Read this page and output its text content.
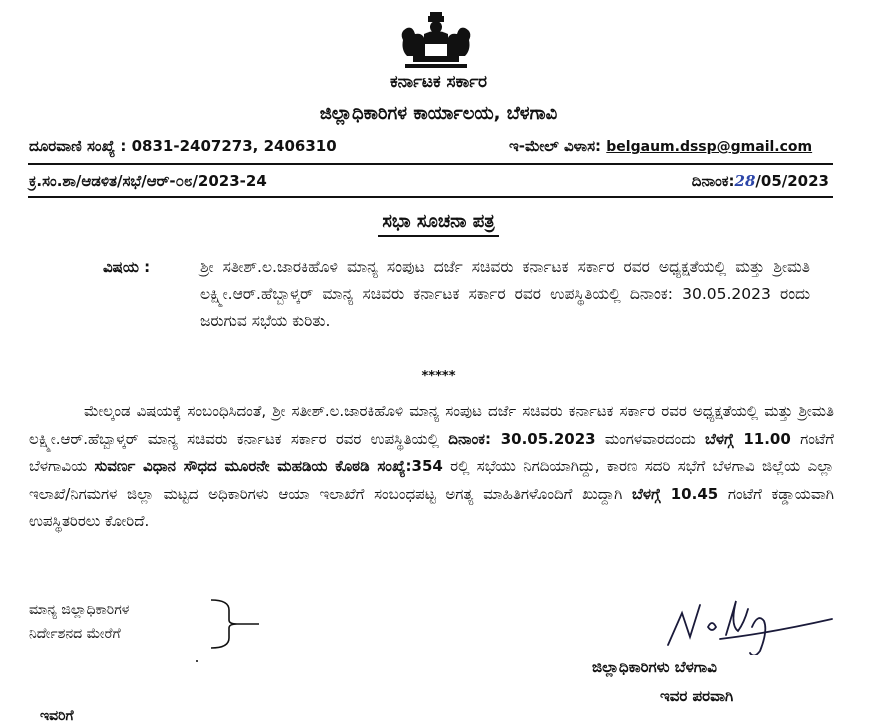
ಕರ್ನಾಟಕ ಸರ್ಕಾರ
ಜಿಲ್ಲಾಧಿಕಾರಿಗಳ ಕಾರ್ಯಾಲಯ, ಬೆಳಗಾವಿ
ದೂರವಾಣಿ ಸಂಖ್ಯೆ : 0831-2407273, 2406310	ಇ-ಮೇಲ್ ವಿಳಾಸ: belgaum.dssp@gmail.com
ಕ್ರ.ಸಂ.ಶಾ/ಆಡಳಿತ/ಸಭೆ/ಆರ್-೦೮/2023-24	ದಿನಾಂಕ:28/05/2023
ಸಭಾ ಸೂಚನಾ ಪತ್ರ
ವಿಷಯ :	ಶ್ರೀ ಸತೀಶ್.ಲ.ಜಾರಕಿಹೊಳಿ ಮಾನ್ಯ ಸಂಪುಟ ದರ್ಜೆ ಸಚಿವರು ಕರ್ನಾಟಕ ಸರ್ಕಾರ ರವರ ಅಧ್ಯಕ್ಷತೆಯಲ್ಲಿ ಮತ್ತು ಶ್ರೀಮತಿ ಲಕ್ಷ್ಮೀ.ಆರ್.ಹೆಬ್ಬಾಳ್ಕರ್ ಮಾನ್ಯ ಸಚಿವರು ಕರ್ನಾಟಕ ಸರ್ಕಾರ ರವರ ಉಪಸ್ಥಿತಿಯಲ್ಲಿ ದಿನಾಂಕ: 30.05.2023 ರಂದು ಜರುಗುವ ಸಭೆಯ ಕುರಿತು.
*****
ಮೇಲ್ಕಂಡ ವಿಷಯಕ್ಕೆ ಸಂಬಂಧಿಸಿದಂತೆ, ಶ್ರೀ ಸತೀಶ್.ಲ.ಜಾರಕಿಹೊಳಿ ಮಾನ್ಯ ಸಂಪುಟ ದರ್ಜೆ ಸಚಿವರು ಕರ್ನಾಟಕ ಸರ್ಕಾರ ರವರ ಅಧ್ಯಕ್ಷತೆಯಲ್ಲಿ ಮತ್ತು ಶ್ರೀಮತಿ ಲಕ್ಷ್ಮೀ.ಆರ್.ಹೆಬ್ಬಾಳ್ಕರ್ ಮಾನ್ಯ ಸಚಿವರು ಕರ್ನಾಟಕ ಸರ್ಕಾರ ರವರ ಉಪಸ್ಥಿತಿಯಲ್ಲಿ ದಿನಾಂಕ: 30.05.2023 ಮಂಗಳವಾರದಂದು ಬೆಳಗ್ಗೆ 11.00 ಗಂಟೆಗೆ ಬೆಳಗಾವಿಯ ಸುವರ್ಣ ವಿಧಾನ ಸೌಧದ ಮೂರನೇ ಮಹಡಿಯ ಕೊಠಡಿ ಸಂಖ್ಯೆ:354 ರಲ್ಲಿ ಸಭೆಯು ನಿಗದಿಯಾಗಿದ್ದು, ಕಾರಣ ಸದರಿ ಸಭೆಗೆ ಬೆಳಗಾವಿ ಜಿಲ್ಲೆಯ ಎಲ್ಲಾ ಇಲಾಖೆ/ನಿಗಮಗಳ ಜಿಲ್ಲಾ ಮಟ್ಟದ ಅಧಿಕಾರಿಗಳು ಆಯಾ ಇಲಾಖೆಗೆ ಸಂಬಂಧಪಟ್ಟ ಅಗತ್ಯ ಮಾಹಿತಿಗಳೊಂದಿಗೆ ಖುದ್ದಾಗಿ ಬೆಳಗ್ಗೆ 10.45 ಗಂಟೆಗೆ ಕಡ್ಡಾಯವಾಗಿ ಉಪಸ್ಥಿತರಿರಲು ಕೋರಿದೆ.
ಮಾನ್ಯ ಜಿಲ್ಲಾಧಿಕಾರಿಗಳ
ನಿರ್ದೇಶನದ ಮೇರೆಗೆ
ಜಿಲ್ಲಾಧಿಕಾರಿಗಳು ಬೆಳಗಾವಿ
ಇವರ ಪರವಾಗಿ
ಇವರಿಗೆ
